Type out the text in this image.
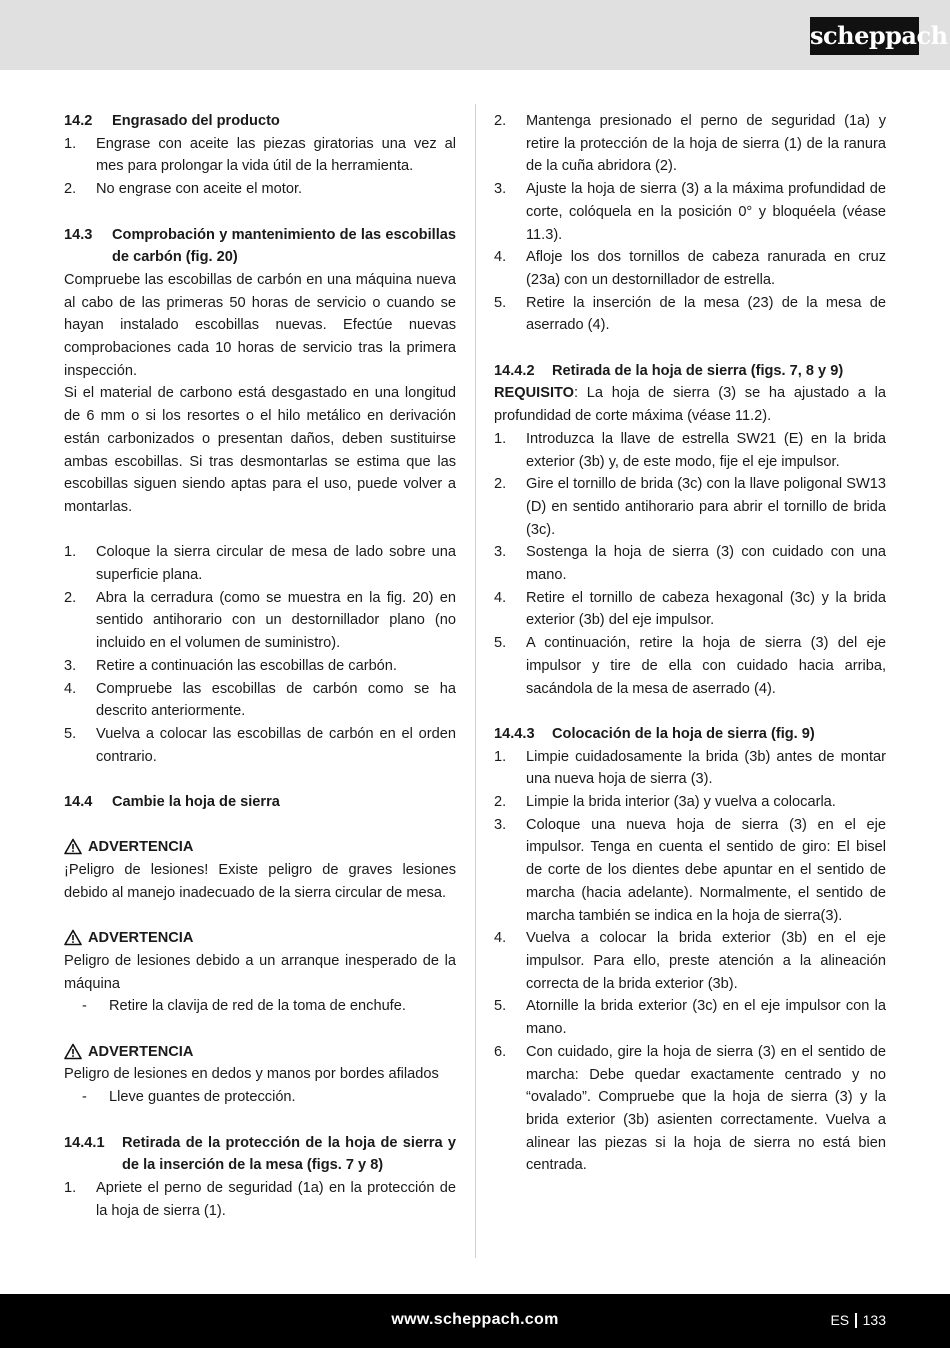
scheppach
14.2	Engrasado del producto
1.	Engrase con aceite las piezas giratorias una vez al mes para prolongar la vida útil de la herramienta.
2.	No engrase con aceite el motor.
14.3	Comprobación y mantenimiento de las escobillas de carbón (fig. 20)

Compruebe las escobillas de carbón en una máquina nueva al cabo de las primeras 50 horas de servicio o cuando se hayan instalado escobillas nuevas. Efectúe nuevas comprobaciones cada 10 horas de servicio tras la primera inspección.

Si el material de carbono está desgastado en una longitud de 6 mm o si los resortes o el hilo metálico en derivación están carbonizados o presentan daños, deben sustituirse ambas escobillas. Si tras desmontarlas se estima que las escobillas siguen siendo aptas para el uso, puede volver a montarlas.

1.	Coloque la sierra circular de mesa de lado sobre una superficie plana.
2.	Abra la cerradura (como se muestra en la fig. 20) en sentido antihorario con un destornillador plano (no incluido en el volumen de suministro).
3.	Retire a continuación las escobillas de carbón.
4.	Compruebe las escobillas de carbón como se ha descrito anteriormente.
5.	Vuelva a colocar las escobillas de carbón en el orden contrario.
14.4	Cambie la hoja de sierra
ADVERTENCIA

¡Peligro de lesiones! Existe peligro de graves lesiones debido al manejo inadecuado de la sierra circular de mesa.

ADVERTENCIA

Peligro de lesiones debido a un arranque inesperado de la máquina

-	Retire la clavija de red de la toma de enchufe.
ADVERTENCIA

Peligro de lesiones en dedos y manos por bordes afilados

-	Lleve guantes de protección.
14.4.1	Retirada de la protección de la hoja de sierra y de la inserción de la mesa (figs. 7 y 8)
1.	Apriete el perno de seguridad (1a) en la protección de la hoja de sierra (1).
2.	Mantenga presionado el perno de seguridad (1a) y retire la protección de la hoja de sierra (1) de la ranura de la cuña abridora (2).
3.	Ajuste la hoja de sierra (3) a la máxima profundidad de corte, colóquela en la posición 0° y bloquéela (véase 11.3).
4.	Afloje los dos tornillos de cabeza ranurada en cruz (23a) con un destornillador de estrella.
5.	Retire la inserción de la mesa (23) de la mesa de aserrado (4).
14.4.2	Retirada de la hoja de sierra (figs. 7, 8 y 9)

REQUISITO: La hoja de sierra (3) se ha ajustado a la profundidad de corte máxima (véase 11.2).

1.	Introduzca la llave de estrella SW21 (E) en la brida exterior (3b) y, de este modo, fije el eje impulsor.
2.	Gire el tornillo de brida (3c) con la llave poligonal SW13 (D) en sentido antihorario para abrir el tornillo de brida (3c).
3.	Sostenga la hoja de sierra (3) con cuidado con una mano.
4.	Retire el tornillo de cabeza hexagonal (3c) y la brida exterior (3b) del eje impulsor.
5.	A continuación, retire la hoja de sierra (3) del eje impulsor y tire de ella con cuidado hacia arriba, sacándola de la mesa de aserrado (4).
14.4.3	Colocación de la hoja de sierra (fig. 9)
1.	Limpie cuidadosamente la brida (3b) antes de montar una nueva hoja de sierra (3).
2.	Limpie la brida interior (3a) y vuelva a colocarla.
3.	Coloque una nueva hoja de sierra (3) en el eje impulsor. Tenga en cuenta el sentido de giro: El bisel de corte de los dientes debe apuntar en el sentido de marcha (hacia adelante). Normalmente, el sentido de marcha también se indica en la hoja de sierra(3).
4.	Vuelva a colocar la brida exterior (3b) en el eje impulsor. Para ello, preste atención a la alineación correcta de la brida exterior (3b).
5.	Atornille la brida exterior (3c) en el eje impulsor con la mano.
6.	Con cuidado, gire la hoja de sierra (3) en el sentido de marcha: Debe quedar exactamente centrado y no “ovalado”. Compruebe que la hoja de sierra (3) y la brida exterior (3b) asienten correctamente. Vuelva a alinear las piezas si la hoja de sierra no está bien centrada.
www.scheppach.com	ES 133
